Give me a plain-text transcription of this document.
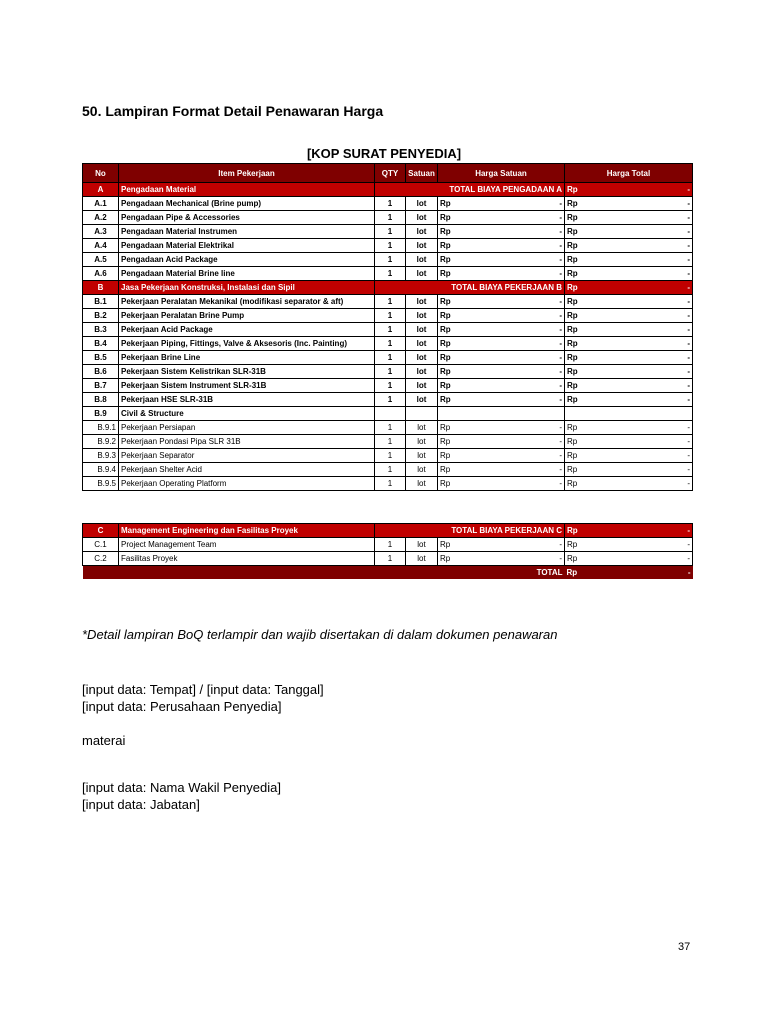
50. Lampiran Format Detail Penawaran Harga
[KOP SURAT PENYEDIA]
No	Item Pekerjaan	QTY	Satuan	Harga Satuan	Harga Total
A	Pengadaan Material	TOTAL BIAYA PENGADAAN A			Rp -

A.1	Pengadaan Mechanical (Brine pump)	1	lot	Rp -	Rp -

A.2	Pengadaan Pipe & Accessories	1	lot	Rp -	Rp -

A.3	Pengadaan Material Instrumen	1	lot	Rp -	Rp -

A.4	Pengadaan Material Elektrikal	1	lot	Rp -	Rp -

A.5	Pengadaan Acid Package	1	lot	Rp -	Rp -

A.6	Pengadaan Material Brine line	1	lot	Rp -	Rp -

B	Jasa Pekerjaan Konstruksi, Instalasi dan Sipil	TOTAL BIAYA PEKERJAAN B			Rp -

B.1	Pekerjaan Peralatan Mekanikal (modifikasi separator & aft)	1	lot	Rp -	Rp -

B.2	Pekerjaan Peralatan Brine Pump	1	lot	Rp -	Rp -

B.3	Pekerjaan Acid Package	1	lot	Rp -	Rp -

B.4	Pekerjaan Piping, Fittings, Valve & Aksesoris (Inc. Painting)	1	lot	Rp -	Rp -

B.5	Pekerjaan Brine Line	1	lot	Rp -	Rp -

B.6	Pekerjaan Sistem Kelistrikan SLR-31B	1	lot	Rp -	Rp -

B.7	Pekerjaan Sistem Instrument SLR-31B	1	lot	Rp -	Rp -

B.8	Pekerjaan HSE SLR-31B	1	lot	Rp -	Rp -

B.9	Civil & Structure				
B.9.1	Pekerjaan Persiapan	1	lot	Rp -	Rp -

B.9.2	Pekerjaan Pondasi Pipa SLR 31B	1	lot	Rp -	Rp -

B.9.3	Pekerjaan Separator	1	lot	Rp -	Rp -

B.9.4	Pekerjaan Shelter Acid	1	lot	Rp -	Rp -

B.9.5	Pekerjaan Operating Platform	1	lot	Rp -	Rp -
C	Management Engineering dan Fasilitas Proyek	TOTAL BIAYA PEKERJAAN C			Rp -

C.1	Project Management Team	1	lot	Rp -	Rp -

C.2	Fasilitas Proyek	1	lot	Rp -	Rp -

TOTAL					Rp -
*Detail lampiran BoQ terlampir dan wajib disertakan di dalam dokumen penawaran
[input data: Tempat] / [input data: Tanggal]
[input data: Perusahaan Penyedia]
materai
[input data: Nama Wakil Penyedia]
[input data: Jabatan]
37
